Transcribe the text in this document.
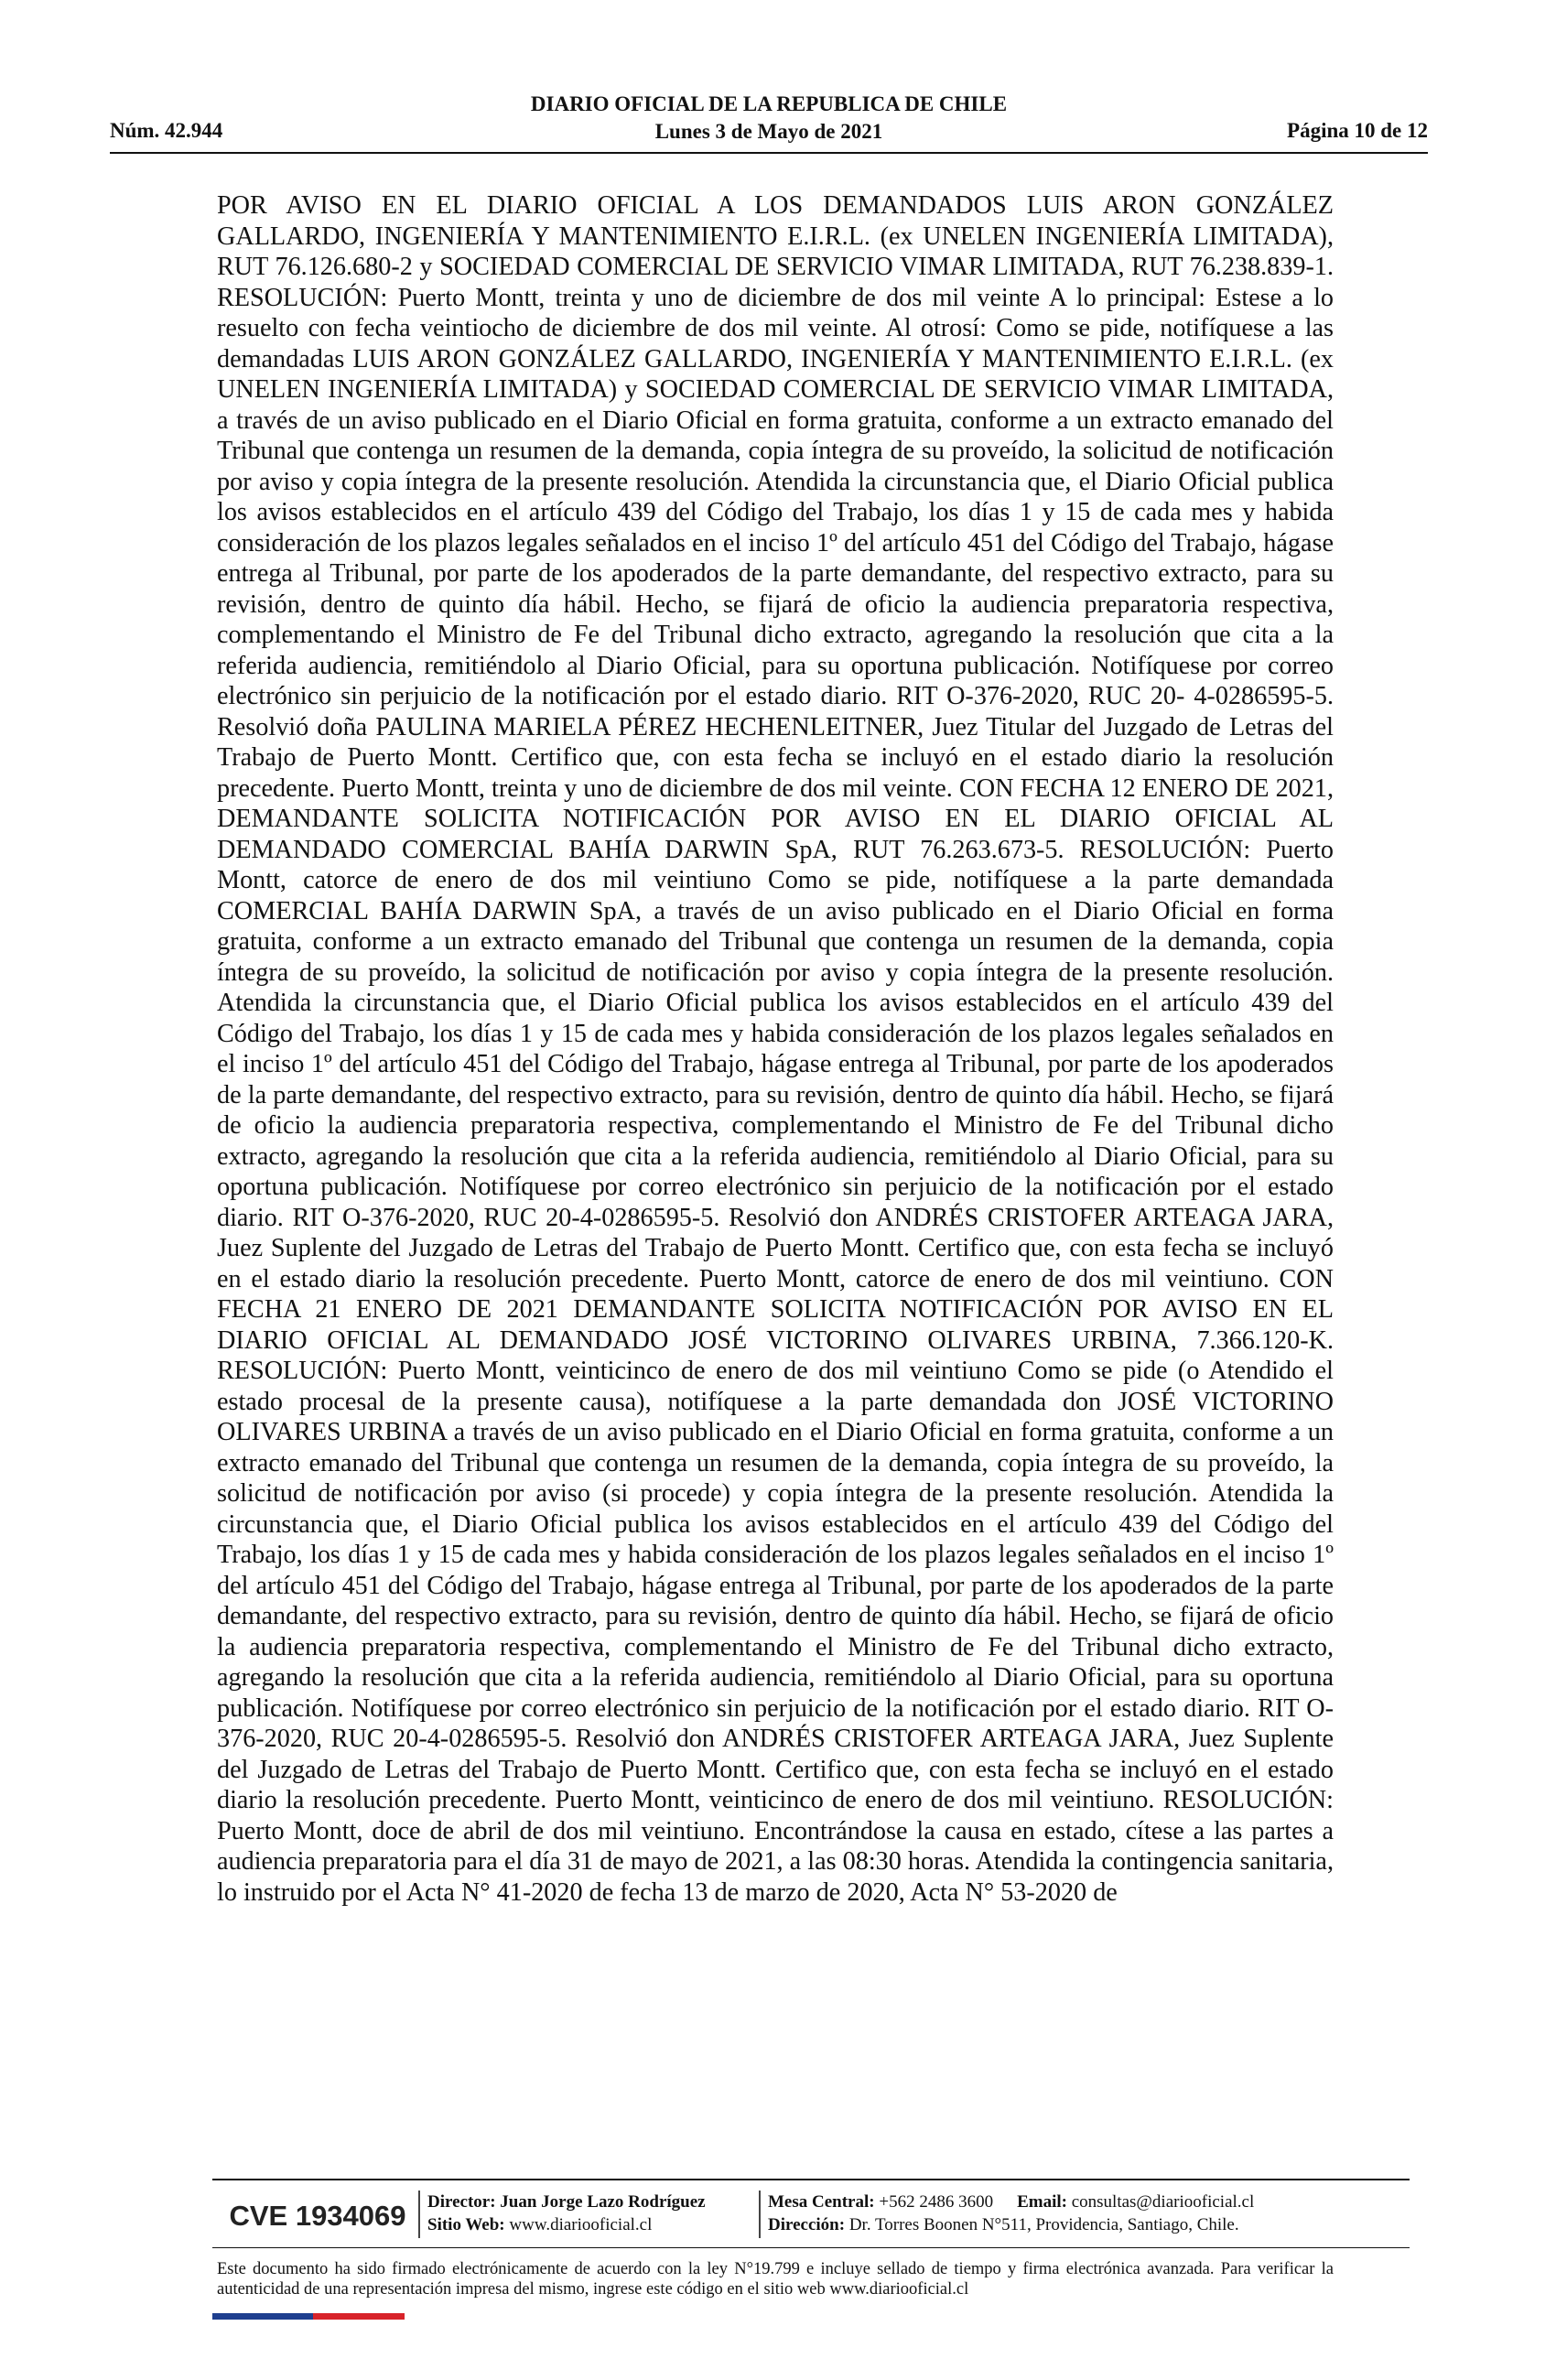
DIARIO OFICIAL DE LA REPUBLICA DE CHILE
Lunes 3 de Mayo de 2021
Núm. 42.944	Página 10 de 12
POR AVISO EN EL DIARIO OFICIAL A LOS DEMANDADOS LUIS ARON GONZÁLEZ GALLARDO, INGENIERÍA Y MANTENIMIENTO E.I.R.L. (ex UNELEN INGENIERÍA LIMITADA), RUT 76.126.680-2 y SOCIEDAD COMERCIAL DE SERVICIO VIMAR LIMITADA, RUT 76.238.839-1. RESOLUCIÓN: Puerto Montt, treinta y uno de diciembre de dos mil veinte A lo principal: Estese a lo resuelto con fecha veintiocho de diciembre de dos mil veinte. Al otrosí: Como se pide, notifíquese a las demandadas LUIS ARON GONZÁLEZ GALLARDO, INGENIERÍA Y MANTENIMIENTO E.I.R.L. (ex UNELEN INGENIERÍA LIMITADA) y SOCIEDAD COMERCIAL DE SERVICIO VIMAR LIMITADA, a través de un aviso publicado en el Diario Oficial en forma gratuita, conforme a un extracto emanado del Tribunal que contenga un resumen de la demanda, copia íntegra de su proveído, la solicitud de notificación por aviso y copia íntegra de la presente resolución. Atendida la circunstancia que, el Diario Oficial publica los avisos establecidos en el artículo 439 del Código del Trabajo, los días 1 y 15 de cada mes y habida consideración de los plazos legales señalados en el inciso 1º del artículo 451 del Código del Trabajo, hágase entrega al Tribunal, por parte de los apoderados de la parte demandante, del respectivo extracto, para su revisión, dentro de quinto día hábil. Hecho, se fijará de oficio la audiencia preparatoria respectiva, complementando el Ministro de Fe del Tribunal dicho extracto, agregando la resolución que cita a la referida audiencia, remitiéndolo al Diario Oficial, para su oportuna publicación. Notifíquese por correo electrónico sin perjuicio de la notificación por el estado diario. RIT O-376-2020, RUC 20- 4-0286595-5. Resolvió doña PAULINA MARIELA PÉREZ HECHENLEITNER, Juez Titular del Juzgado de Letras del Trabajo de Puerto Montt. Certifico que, con esta fecha se incluyó en el estado diario la resolución precedente. Puerto Montt, treinta y uno de diciembre de dos mil veinte. CON FECHA 12 ENERO DE 2021, DEMANDANTE SOLICITA NOTIFICACIÓN POR AVISO EN EL DIARIO OFICIAL AL DEMANDADO COMERCIAL BAHÍA DARWIN SpA, RUT 76.263.673-5. RESOLUCIÓN: Puerto Montt, catorce de enero de dos mil veintiuno Como se pide, notifíquese a la parte demandada COMERCIAL BAHÍA DARWIN SpA, a través de un aviso publicado en el Diario Oficial en forma gratuita, conforme a un extracto emanado del Tribunal que contenga un resumen de la demanda, copia íntegra de su proveído, la solicitud de notificación por aviso y copia íntegra de la presente resolución. Atendida la circunstancia que, el Diario Oficial publica los avisos establecidos en el artículo 439 del Código del Trabajo, los días 1 y 15 de cada mes y habida consideración de los plazos legales señalados en el inciso 1º del artículo 451 del Código del Trabajo, hágase entrega al Tribunal, por parte de los apoderados de la parte demandante, del respectivo extracto, para su revisión, dentro de quinto día hábil. Hecho, se fijará de oficio la audiencia preparatoria respectiva, complementando el Ministro de Fe del Tribunal dicho extracto, agregando la resolución que cita a la referida audiencia, remitiéndolo al Diario Oficial, para su oportuna publicación. Notifíquese por correo electrónico sin perjuicio de la notificación por el estado diario. RIT O-376-2020, RUC 20-4-0286595-5. Resolvió don ANDRÉS CRISTOFER ARTEAGA JARA, Juez Suplente del Juzgado de Letras del Trabajo de Puerto Montt. Certifico que, con esta fecha se incluyó en el estado diario la resolución precedente. Puerto Montt, catorce de enero de dos mil veintiuno. CON FECHA 21 ENERO DE 2021 DEMANDANTE SOLICITA NOTIFICACIÓN POR AVISO EN EL DIARIO OFICIAL AL DEMANDADO JOSÉ VICTORINO OLIVARES URBINA, 7.366.120-K. RESOLUCIÓN: Puerto Montt, veinticinco de enero de dos mil veintiuno Como se pide (o Atendido el estado procesal de la presente causa), notifíquese a la parte demandada don JOSÉ VICTORINO OLIVARES URBINA a través de un aviso publicado en el Diario Oficial en forma gratuita, conforme a un extracto emanado del Tribunal que contenga un resumen de la demanda, copia íntegra de su proveído, la solicitud de notificación por aviso (si procede) y copia íntegra de la presente resolución. Atendida la circunstancia que, el Diario Oficial publica los avisos establecidos en el artículo 439 del Código del Trabajo, los días 1 y 15 de cada mes y habida consideración de los plazos legales señalados en el inciso 1º del artículo 451 del Código del Trabajo, hágase entrega al Tribunal, por parte de los apoderados de la parte demandante, del respectivo extracto, para su revisión, dentro de quinto día hábil. Hecho, se fijará de oficio la audiencia preparatoria respectiva, complementando el Ministro de Fe del Tribunal dicho extracto, agregando la resolución que cita a la referida audiencia, remitiéndolo al Diario Oficial, para su oportuna publicación. Notifíquese por correo electrónico sin perjuicio de la notificación por el estado diario. RIT O-376-2020, RUC 20-4-0286595-5. Resolvió don ANDRÉS CRISTOFER ARTEAGA JARA, Juez Suplente del Juzgado de Letras del Trabajo de Puerto Montt. Certifico que, con esta fecha se incluyó en el estado diario la resolución precedente. Puerto Montt, veinticinco de enero de dos mil veintiuno. RESOLUCIÓN: Puerto Montt, doce de abril de dos mil veintiuno. Encontrándose la causa en estado, cítese a las partes a audiencia preparatoria para el día 31 de mayo de 2021, a las 08:30 horas. Atendida la contingencia sanitaria, lo instruido por el Acta N° 41-2020 de fecha 13 de marzo de 2020, Acta N° 53-2020 de
CVE 1934069	Director: Juan Jorge Lazo Rodríguez
Sitio Web: www.diariooficial.cl
Mesa Central: +562 2486 3600 Email: consultas@diariooficial.cl
Dirección: Dr. Torres Boonen N°511, Providencia, Santiago, Chile.
Este documento ha sido firmado electrónicamente de acuerdo con la ley N°19.799 e incluye sellado de tiempo y firma electrónica avanzada. Para verificar la autenticidad de una representación impresa del mismo, ingrese este código en el sitio web www.diariooficial.cl
